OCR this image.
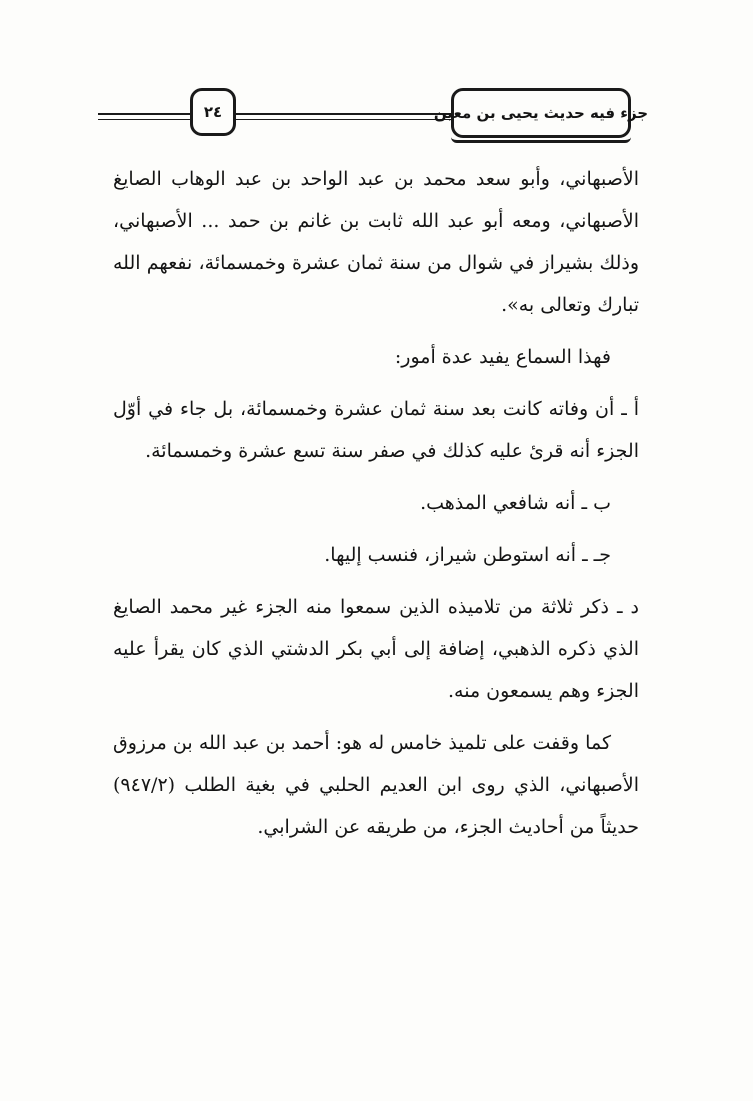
٢٤	جزء فيه حديث يحيى بن معين

الأصبهاني، وأبو سعد محمد بن عبد الواحد بن عبد الوهاب الصايغ الأصبهاني، ومعه أبو عبد الله ثابت بن غانم بن حمد ... الأصبهاني، وذلك بشيراز في شوال من سنة ثمان عشرة وخمسمائة، نفعهم الله تبارك وتعالى به».

فهذا السماع يفيد عدة أمور:

أ ـ أن وفاته كانت بعد سنة ثمان عشرة وخمسمائة، بل جاء في أوّل الجزء أنه قرئ عليه كذلك في صفر سنة تسع عشرة وخمسمائة.

ب ـ أنه شافعي المذهب.

جـ ـ أنه استوطن شيراز، فنسب إليها.

د ـ ذكر ثلاثة من تلاميذه الذين سمعوا منه الجزء غير محمد الصايغ الذي ذكره الذهبي، إضافة إلى أبي بكر الدشتي الذي كان يقرأ عليه الجزء وهم يسمعون منه.

كما وقفت على تلميذ خامس له هو: أحمد بن عبد الله بن مرزوق الأصبهاني، الذي روى ابن العديم الحلبي في بغية الطلب (٩٤٧/٢) حديثاً من أحاديث الجزء، من طريقه عن الشرابي.
